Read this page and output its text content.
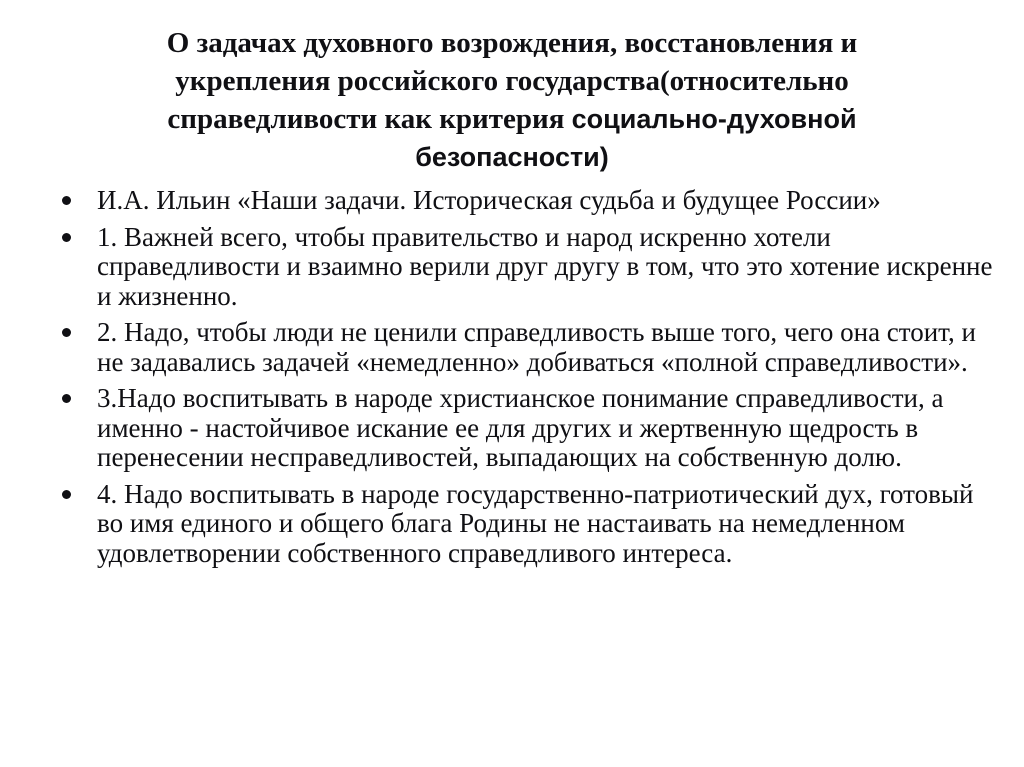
О задачах духовного возрождения, восстановления и
укрепления российского государства(относительно
справедливости как критерия социально-духовной
безопасности)
И.А. Ильин «Наши задачи. Историческая судьба и будущее России»
1. Важней всего, чтобы правительство и народ искренно хотели справедливости и взаимно верили друг другу в том, что это хотение искренне и жизненно.
2. Надо, чтобы люди не ценили справедливость выше того, чего она стоит, и не задавались задачей «немедленно» добиваться «полной справедливости».
3.Надо воспитывать в народе христианское понимание справедливости, а именно - настойчивое искание ее для других и жертвенную щедрость в перенесении несправедливостей, выпадающих на собственную долю.
4. Надо воспитывать в народе государственно-патриотический дух, готовый во имя единого и общего блага Родины не настаивать на немедленном удовлетворении собственного справедливого интереса.
